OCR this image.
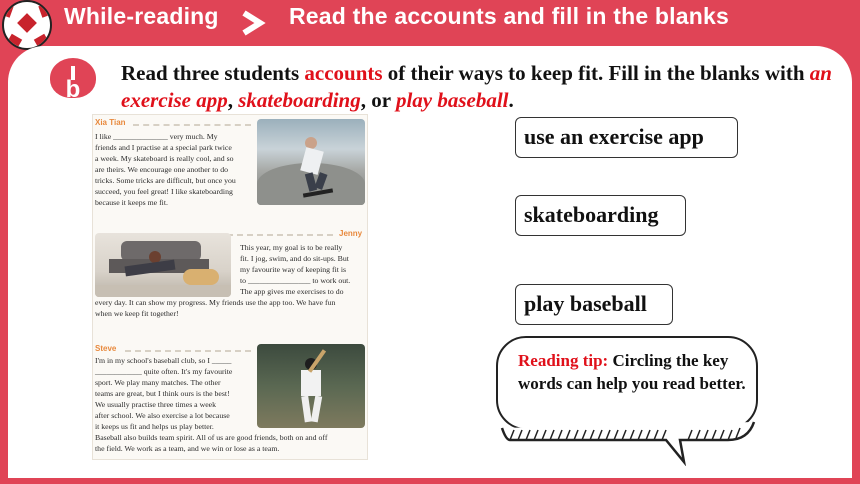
While-reading	Read the accounts and fill in the blanks
b
Read three students accounts of their ways to keep fit. Fill in the blanks with an exercise app, skateboarding, or play baseball.
Xia Tian
I like ______________ very much. My
friends and I practise at a special park twice
a week. My skateboard is really cool, and so
are theirs. We encourage one another to do
tricks. Some tricks are difficult, but once you
succeed, you feel great! I like skateboarding
because it keeps me fit.
Jenny
This year, my goal is to be really
fit. I jog, swim, and do sit-ups. But
my favourite way of keeping fit is
to ________________ to work out.
The app gives me exercises to do
every day. It can show my progress. My friends use the app too. We have fun
when we keep fit together!
Steve
I'm in my school's baseball club, so I _____
____________ quite often. It's my favourite
sport. We play many matches. The other
teams are great, but I think ours is the best!
We usually practise three times a week
after school. We also exercise a lot because
it keeps us fit and helps us play better.
Baseball also builds team spirit. All of us are good friends, both on and off
the field. We work as a team, and we win or lose as a team.
use an exercise app
skateboarding
play baseball
Reading tip: Circling the key words can help you read better.
